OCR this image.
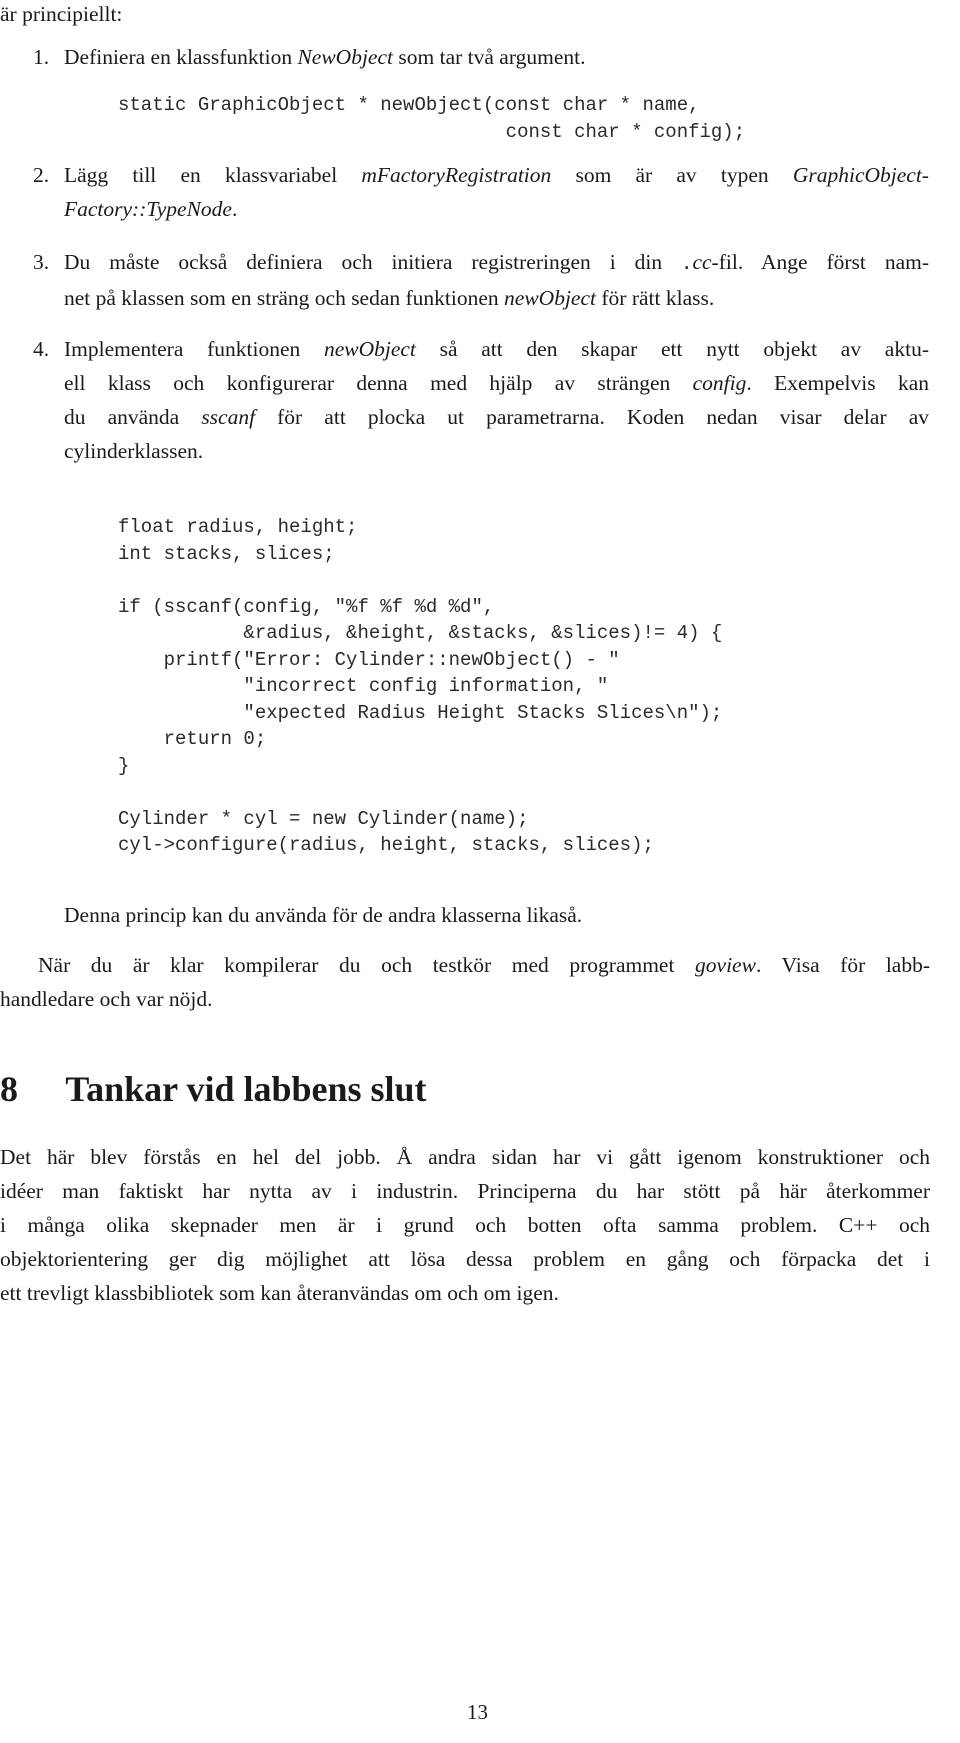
är principiellt:
1. Definiera en klassfunktion NewObject som tar två argument.
static GraphicObject * newObject(const char * name,
const char * config);
2. Lägg till en klassvariabel mFactoryRegistration som är av typen GraphicObject-
Factory::TypeNode.
3. Du måste också definiera och initiera registreringen i din .cc-fil. Ange först nam-
net på klassen som en sträng och sedan funktionen newObject för rätt klass.
4. Implementera funktionen newObject så att den skapar ett nytt objekt av aktu-
ell klass och konfigurerar denna med hjälp av strängen config. Exempelvis kan
du använda sscanf för att plocka ut parametrarna. Koden nedan visar delar av
cylinderklassen.
float radius, height;
int stacks, slices;

if (sscanf(config, "%f %f %d %d",
&radius, &height, &stacks, &slices)!= 4) {
printf("Error: Cylinder::newObject() - "
"incorrect config information, "
"expected Radius Height Stacks Slices\n");
return 0;
}

Cylinder * cyl = new Cylinder(name);
cyl->configure(radius, height, stacks, slices);
Denna princip kan du använda för de andra klasserna likaså.
När du är klar kompilerar du och testkör med programmet goview. Visa för labb-
handledare och var nöjd.
8 Tankar vid labbens slut
Det här blev förstås en hel del jobb. Å andra sidan har vi gått igenom konstruktioner och
idéer man faktiskt har nytta av i industrin. Principerna du har stött på här återkommer
i många olika skepnader men är i grund och botten ofta samma problem. C++ och
objektorientering ger dig möjlighet att lösa dessa problem en gång och förpacka det i
ett trevligt klassbibliotek som kan återanvändas om och om igen.
13
